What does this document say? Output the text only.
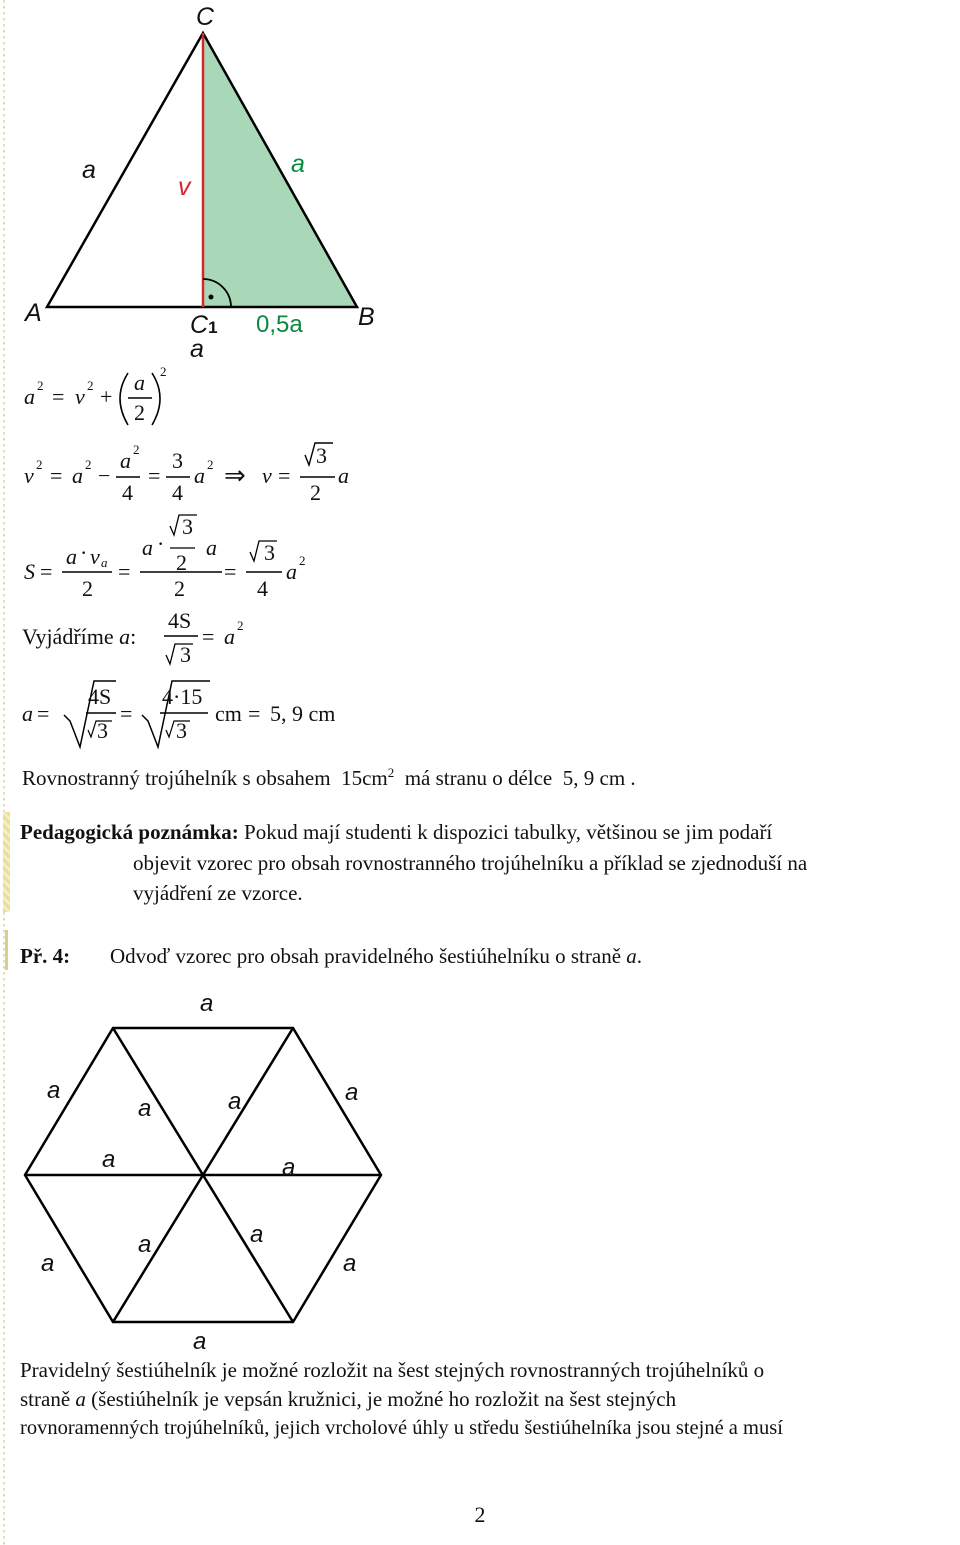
C
a	a
v
A	B
C1 0,5a
a
a 2 = v 2 +
a
2
2
v 2 = a 2 −
a 2
4
=
3
4
a 2 ⇒ v =
3
2
a
S =
a · v a
2
=
a ·
3
2
a
2
=
3
4
a 2
Vyjádříme a:
4S
3
= a 2
a =
4S
3
=
4·15
3
cm = 5, 9 cm
Rovnostranný trojúhelník s obsahem $15cm^2$ má stranu o délce 5, 9 cm .
Pedagogická poznámka: Pokud mají studenti k dispozici tabulky, většinou se jim podaří
objevit vzorec pro obsah rovnostranného trojúhelníku a příklad se zjednoduší na
vyjádření ze vzorce.
Př. 4: Odvoď vzorec pro obsah pravidelného šestiúhelníku o straně a.
a
a
a	a	a
a	a
a	a
a	a
a
Pravidelný šestiúhelník je možné rozložit na šest stejných rovnostranných trojúhelníků o
straně a (šestiúhelník je vepsán kružnici, je možné ho rozložit na šest stejných
rovnoramenných trojúhelníků, jejich vrcholové úhly u středu šestiúhelníka jsou stejné a musí
2
